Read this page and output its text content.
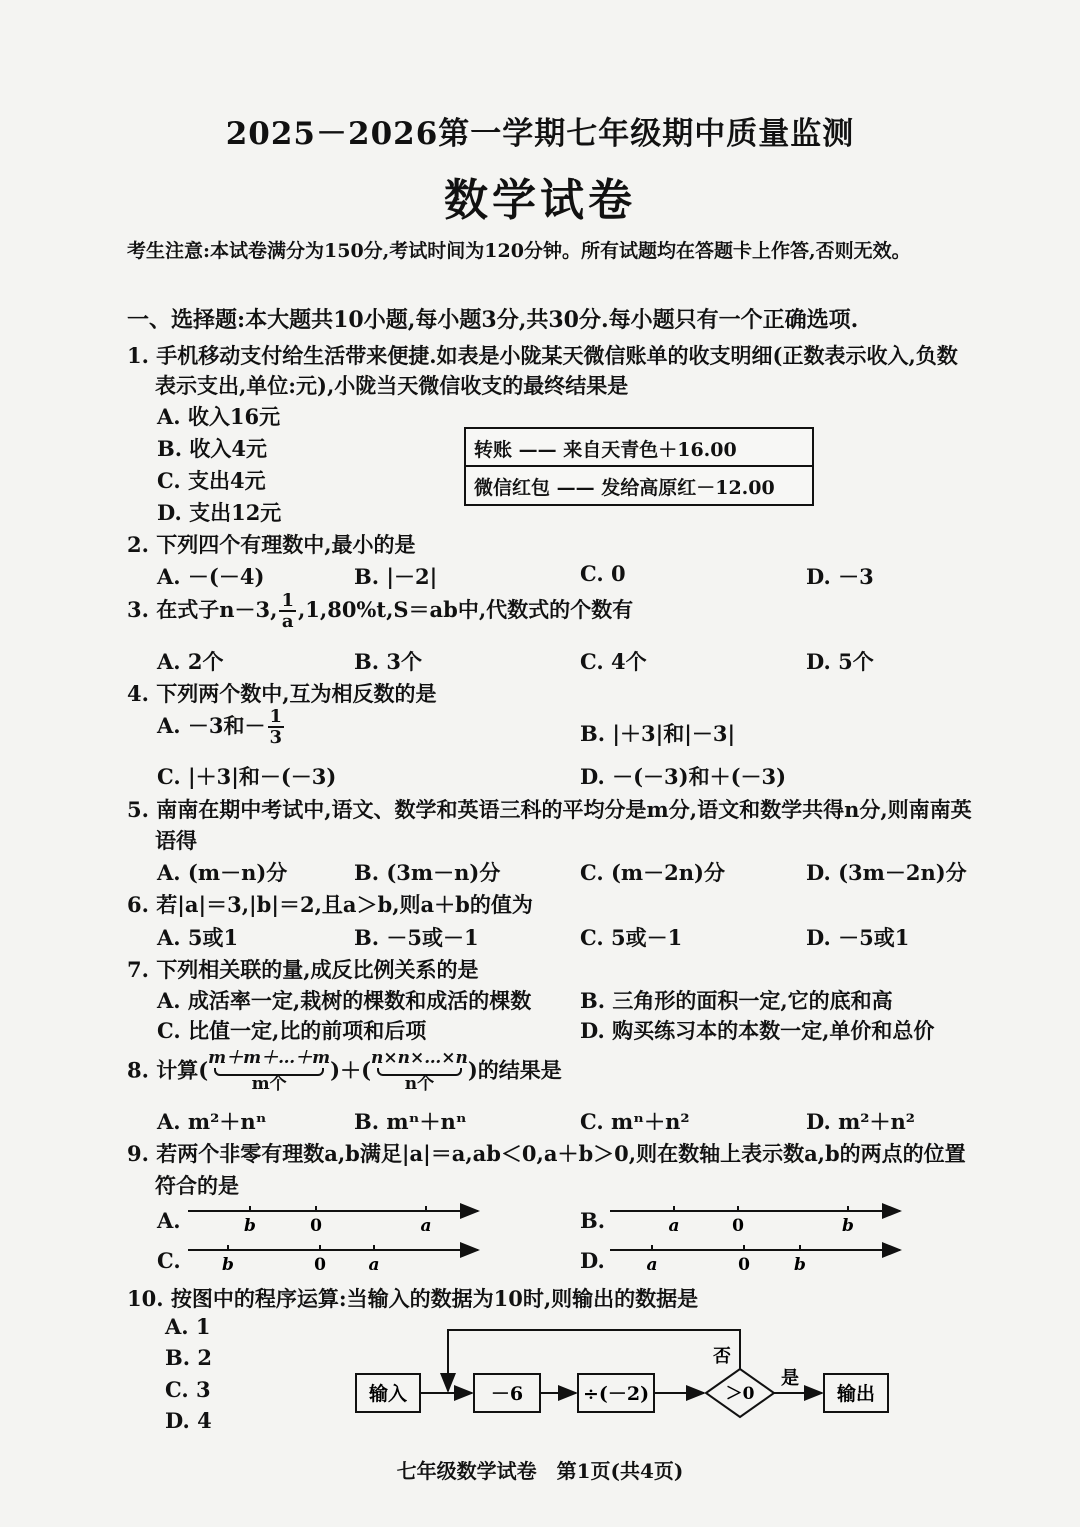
2025－2026第一学期七年级期中质量监测
数学试卷
考生注意:本试卷满分为150分,考试时间为120分钟。所有试题均在答题卡上作答,否则无效。
一、选择题:本大题共10小题,每小题3分,共30分.每小题只有一个正确选项.
1. 手机移动支付给生活带来便捷.如表是小陇某天微信账单的收支明细(正数表示收入,负数
表示支出,单位:元),小陇当天微信收支的最终结果是
A. 收入16元
B. 收入4元
C. 支出4元
D. 支出12元
转账 —— 来自天青色＋16.00
微信红包 —— 发给高原红－12.00
2. 下列四个有理数中,最小的是
A. －(－4)	B. |－2|	C. 0	D. －3
3. 在式子n－3, $\frac{1}{a} ,1,80\%t,S=ab$中,代数式的个数有
A. 2个	B. 3个	C. 4个	D. 5个
4. 下列两个数中,互为相反数的是
A. －3和－ $\frac{1}{3}$	B. |＋3|和|－3|
C. |＋3|和－(－3)	D. －(－3)和＋(－3)
5. 南南在期中考试中,语文、数学和英语三科的平均分是m分,语文和数学共得n分,则南南英
语得
A. (m－n)分	B. (3m－n)分	C. (m－2n)分	D. (3m－2n)分
6. 若|a|＝3,|b|＝2,且a＞b,则a＋b的值为
A. 5或1	B. －5或－1	C. 5或－1	D. －5或1
7. 下列相关联的量,成反比例关系的是
A. 成活率一定,栽树的棵数和成活的棵数 B. 三角形的面积一定,它的底和高
C. 比值一定,比的前项和后项	D. 购买练习本的本数一定,单价和总价
8. 计算( m＋m＋…＋m
m个
)＋( n×n×…×n
n个
)的结果是
A. m²＋nⁿ	B. mⁿ＋nⁿ	C. mⁿ＋n²	D. m²＋n²
9. 若两个非零有理数a,b满足|a|＝a,ab＜0,a＋b＞0,则在数轴上表示数a,b的两点的位置
符合的是
A.	B.
C.	D.
b	0	a	a	0	b
b	0	a	a	0	b
输入	－6	÷(－2)	＞0
是
输出
否
10. 按图中的程序运算:当输入的数据为10时,则输出的数据是
A. 1
B. 2
C. 3
D. 4
七年级数学试卷　第1页(共4页)
